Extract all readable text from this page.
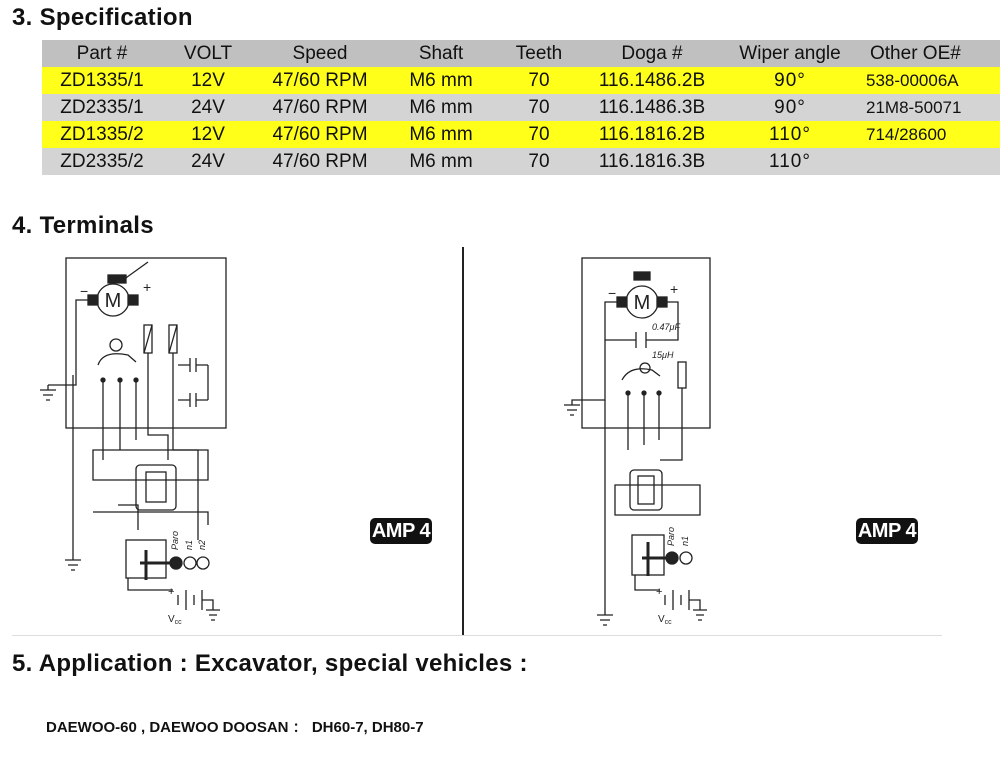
3. Specification
Part #	VOLT	Speed	Shaft	Teeth	Doga #	Wiper angle	Other OE#
ZD1335/1	12V	47/60 RPM	M6 mm	70	116.1486.2B	90°	538-00006A
ZD2335/1	24V	47/60 RPM	M6 mm	70	116.1486.3B	90°	21M8-50071
ZD1335/2	12V	47/60 RPM	M6 mm	70	116.1816.2B	110°	714/28600
ZD2335/2	24V	47/60 RPM	M6 mm	70	116.1816.3B	110°	
4. Terminals
M
−	+
Paro n1 n2
$V_{cc}$
+
AMP 4
M
−	+
0.47μF
15μH
Paro n1
$V_{cc}$
+
AMP 4
5. Application : Excavator, special vehicles :
DAEWOO-60 , DAEWOO DOOSAN ： DH60-7, DH80-7
